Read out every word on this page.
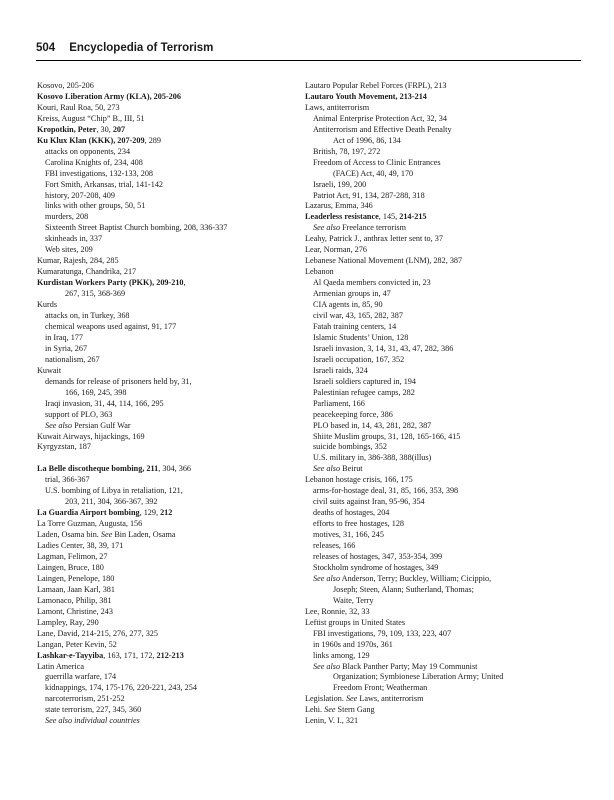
504 Encyclopedia of Terrorism
Kosovo, 205-206
Kosovo Liberation Army (KLA), 205-206
Kouri, Raul Roa, 50, 273
Kreiss, August “Chip” B., III, 51
Kropotkin, Peter, 30, 207
Ku Klux Klan (KKK), 207-209, 289
attacks on opponents, 234
Carolina Knights of, 234, 408
FBI investigations, 132-133, 208
Fort Smith, Arkansas, trial, 141-142
history, 207-208, 409
links with other groups, 50, 51
murders, 208
Sixteenth Street Baptist Church bombing, 208, 336-337
skinheads in, 337
Web sites, 209
Kumar, Rajesh, 284, 285
Kumaratunga, Chandrika, 217
Kurdistan Workers Party (PKK), 209-210,
267, 315, 368-369
Kurds
attacks on, in Turkey, 368
chemical weapons used against, 91, 177
in Iraq, 177
in Syria, 267
nationalism, 267
Kuwait
demands for release of prisoners held by, 31,
166, 169, 245, 398
Iraqi invasion, 31, 44, 114, 166, 295
support of PLO, 363
See also Persian Gulf War
Kuwait Airways, hijackings, 169
Kyrgyzstan, 187
La Belle discotheque bombing, 211, 304, 366
trial, 366-367
U.S. bombing of Libya in retaliation, 121,
203, 211, 304, 366-367, 392
La Guardia Airport bombing, 129, 212
La Torre Guzman, Augusta, 156
Laden, Osama bin. See Bin Laden, Osama
Ladies Center, 38, 39, 171
Lagman, Felimon, 27
Laingen, Bruce, 180
Laingen, Penelope, 180
Lamaan, Jaan Karl, 381
Lamonaco, Philip, 381
Lamont, Christine, 243
Lampley, Ray, 290
Lane, David, 214-215, 276, 277, 325
Langan, Peter Kevin, 52
Lashkar-e-Tayyiba, 163, 171, 172, 212-213
Latin America
guerrilla warfare, 174
kidnappings, 174, 175-176, 220-221, 243, 254
narcoterrorism, 251-252
state terrorism, 227, 345, 360
See also individual countries
Lautaro Popular Rebel Forces (FRPL), 213
Lautaro Youth Movement, 213-214
Laws, antiterrorism
Animal Enterprise Protection Act, 32, 34
Antiterrorism and Effective Death Penalty
Act of 1996, 86, 134
British, 78, 197, 272
Freedom of Access to Clinic Entrances
(FACE) Act, 40, 49, 170
Israeli, 199, 200
Patriot Act, 91, 134, 287-288, 318
Lazarus, Emma, 346
Leaderless resistance, 145, 214-215
See also Freelance terrorism
Leahy, Patrick J., anthrax letter sent to, 37
Lear, Norman, 276
Lebanese National Movement (LNM), 282, 387
Lebanon
Al Qaeda members convicted in, 23
Armenian groups in, 47
CIA agents in, 85, 90
civil war, 43, 165, 282, 387
Fatah training centers, 14
Islamic Students’ Union, 128
Israeli invasion, 3, 14, 31, 43, 47, 282, 386
Israeli occupation, 167, 352
Israeli raids, 324
Israeli soldiers captured in, 194
Palestinian refugee camps, 282
Parliament, 166
peacekeeping force, 386
PLO based in, 14, 43, 281, 282, 387
Shiite Muslim groups, 31, 128, 165-166, 415
suicide bombings, 352
U.S. military in, 386-388, 388(illus)
See also Beirut
Lebanon hostage crisis, 166, 175
arms-for-hostage deal, 31, 85, 166, 353, 398
civil suits against Iran, 95-96, 354
deaths of hostages, 204
efforts to free hostages, 128
motives, 31, 166, 245
releases, 166
releases of hostages, 347, 353-354, 399
Stockholm syndrome of hostages, 349
See also Anderson, Terry; Buckley, William; Cicippio,
Joseph; Steen, Alann; Sutherland, Thomas;
Waite, Terry
Lee, Ronnie, 32, 33
Leftist groups in United States
FBI investigations, 79, 109, 133, 223, 407
in 1960s and 1970s, 361
links among, 129
See also Black Panther Party; May 19 Communist
Organization; Symbionese Liberation Army; United
Freedom Front; Weatherman
Legislation. See Laws, antiterrorism
Lehi. See Stern Gang
Lenin, V. I., 321
